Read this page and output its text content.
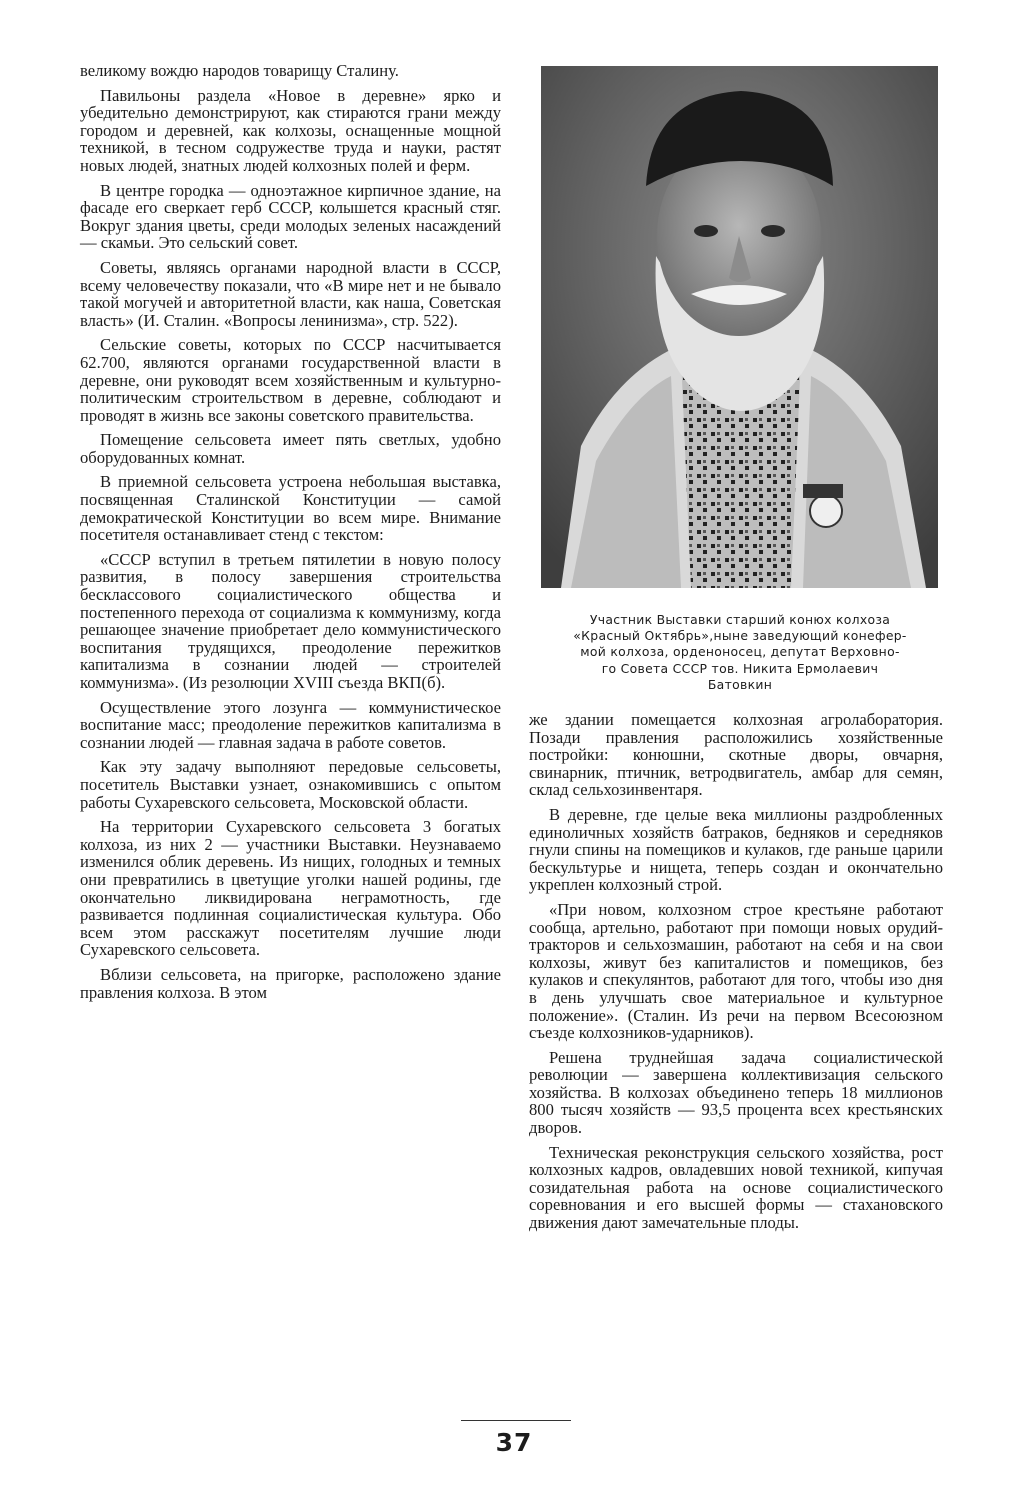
великому вождю народов товарищу Сталину.

Павильоны раздела «Новое в деревне» ярко и убедительно демонстрируют, как стираются грани между городом и деревней, как колхозы, оснащенные мощной техникой, в тесном содружестве труда и науки, растят новых людей, знатных людей колхозных полей и ферм.

В центре городка — одноэтажное кирпичное здание, на фасаде его сверкает герб СССР, колышется красный стяг. Вокруг здания цветы, среди молодых зеленых насаждений — скамьи. Это сельский совет.

Советы, являясь органами народной власти в СССР, всему человечеству показали, что «В мире нет и не бывало такой могучей и авторитетной власти, как наша, Советская власть» (И. Сталин. «Вопросы ленинизма», стр. 522).

Сельские советы, которых по СССР насчитывается 62.700, являются органами государственной власти в деревне, они руководят всем хозяйственным и культурно-политическим строительством в деревне, соблюдают и проводят в жизнь все законы советского правительства.

Помещение сельсовета имеет пять светлых, удобно оборудованных комнат.

В приемной сельсовета устроена небольшая выставка, посвященная Сталинской Конституции — самой демократической Конституции во всем мире. Внимание посетителя останавливает стенд с текстом:

«СССР вступил в третьем пятилетии в новую полосу развития, в полосу завершения строительства бесклассового социалистического общества и постепенного перехода от социализма к коммунизму, когда решающее значение приобретает дело коммунистического воспитания трудящихся, преодоление пережитков капитализма в сознании людей — строителей коммунизма». (Из резолюции XVIII съезда ВКП(б).

Осуществление этого лозунга — коммунистическое воспитание масс; преодоление пережитков капитализма в сознании людей — главная задача в работе советов.

Как эту задачу выполняют передовые сельсоветы, посетитель Выставки узнает, ознакомившись с опытом работы Сухаревского сельсовета, Московской области.

На территории Сухаревского сельсовета 3 богатых колхоза, из них 2 — участники Выставки. Неузнаваемо изменился облик деревень. Из нищих, голодных и темных они превратились в цветущие уголки нашей родины, где окончательно ликвидирована неграмотность, где развивается подлинная социалистическая культура. Обо всем этом расскажут посетителям лучшие люди Сухаревского сельсовета.

Вблизи сельсовета, на пригорке, расположено здание правления колхоза. В этом

Участник Выставки старший конюх колхоза
«Красный Октябрь»,ныне заведующий конефер-
мой колхоза, орденоносец, депутат Верховно-
го Совета СССР тов. Никита Ермолаевич
Батовкин

же здании помещается колхозная агролаборатория. Позади правления расположились хозяйственные постройки: конюшни, скотные дворы, овчарня, свинарник, птичник, ветродвигатель, амбар для семян, склад сельхозинвентаря.

В деревне, где целые века миллионы раздробленных единоличных хозяйств батраков, бедняков и середняков гнули спины на помещиков и кулаков, где раньше царили бескультурье и нищета, теперь создан и окончательно укреплен колхозный строй.

«При новом, колхозном строе крестьяне работают сообща, артельно, работают при помощи новых орудий-тракторов и сельхозмашин, работают на себя и на свои колхозы, живут без капиталистов и помещиков, без кулаков и спекулянтов, работают для того, чтобы изо дня в день улучшать свое материальное и культурное положение». (Сталин. Из речи на первом Всесоюзном съезде колхозников-ударников).

Решена труднейшая задача социалистической революции — завершена коллективизация сельского хозяйства. В колхозах объединено теперь 18 миллионов 800 тысяч хозяйств — 93,5 процента всех крестьянских дворов.

Техническая реконструкция сельского хозяйства, рост колхозных кадров, овладевших новой техникой, кипучая созидательная работа на основе социалистического соревнования и его высшей формы — стахановского движения дают замечательные плоды.

37
